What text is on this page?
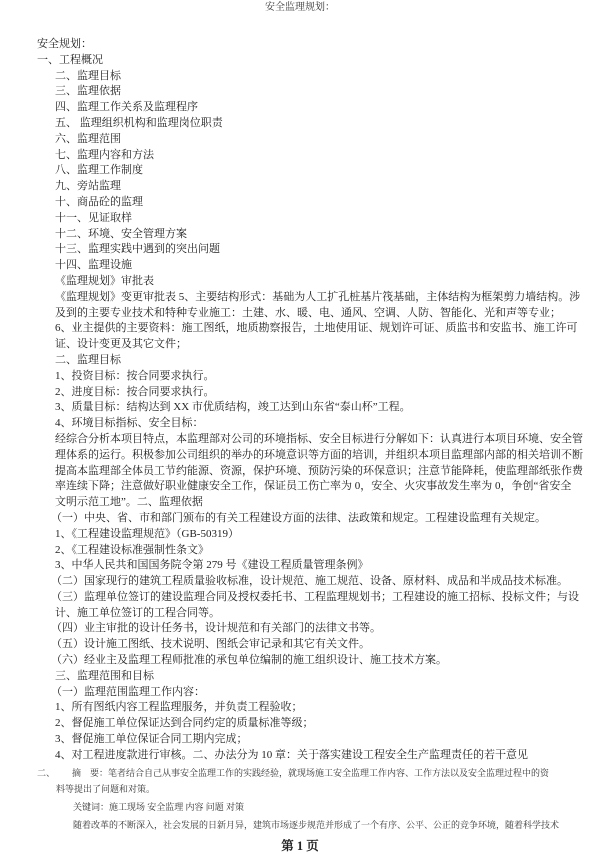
安全监理规划：
安全规划：
一、工程概况
二、监理目标
三、监理依据
四、监理工作关系及监理程序
五、 监理组织机构和监理岗位职责
六、监理范围
七、监理内容和方法
八、监理工作制度
九、旁站监理
十、商品砼的监理
十一、见证取样
十二、环境、安全管理方案
十三、监理实践中遇到的突出问题
十四、监理设施
《监理规划》审批表
《监理规划》变更审批表 5、主要结构形式：基础为人工扩孔桩基片筏基础，主体结构为框架剪力墙结构。涉
及到的主要专业技术和特种专业施工：土建、水、暖、电、通风、空调、人防、智能化、光和声等专业；
6、业主提供的主要资料：施工图纸，地质勘察报告，土地使用证、规划许可证、质监书和安监书、施工许可
证、设计变更及其它文件；
二、监理目标
1、投资目标：按合同要求执行。
2、进度目标：按合同要求执行。
3、质量目标：结构达到 XX 市优质结构，竣工达到山东省“泰山杯”工程。
4、环境目标指标、安全目标：
经综合分析本项目特点，本监理部对公司的环境指标、安全目标进行分解如下：认真进行本项目环境、安全管
理体系的运行。积极参加公司组织的举办的环境意识等方面的培训，并组织本项目监理部内部的相关培训不断
提高本监理部全体员工节约能源、资源，保护环境、预防污染的环保意识；注意节能降耗，使监理部纸张作费
率连续下降；注意做好职业健康安全工作，保证员工伤亡率为 0，安全、火灾事故发生率为 0，争创“省安全
文明示范工地”。二、监理依据
（一）中央、省、市和部门颁布的有关工程建设方面的法律、法政策和规定。工程建设监理有关规定。
1、《工程建设监理规范》（GB-50319）
2、《工程建设标准强制性条文》
3、中华人民共和国国务院令第 279 号《建设工程质量管理条例》
（二）国家现行的建筑工程质量验收标准，设计规范、施工规范、设备、原材料、成品和半成品技术标准。
（三）监理单位签订的建设监理合同及授权委托书、工程监理规划书；工程建设的施工招标、投标文件；与设
计、施工单位签订的工程合同等。
（四）业主审批的设计任务书，设计规范和有关部门的法律文书等。
（五）设计施工图纸、技术说明、图纸会审记录和其它有关文件。
（六）经业主及监理工程师批准的承包单位编制的施工组织设计、施工技术方案。
三、监理范围和目标
（一）监理范围监理工作内容：
1、所有图纸内容工程监理服务，并负责工程验收；
2、督促施工单位保证达到合同约定的质量标准等级；
3、督促施工单位保证合同工期内完成；
4、对工程进度款进行审核。二、办法分为 10 章：关于落实建设工程安全生产监理责任的若干意见
二、 摘　要：笔者结合自己从事安全监理工作的实践经验，就现场施工安全监理工作内容、工作方法以及安全监理过程中的资
料等提出了问题和对策。
关键词：施工现场 安全监理 内容 问题 对策
随着改革的不断深入，社会发展的日新月异，建筑市场逐步规范并形成了一个有序、公平、公正的竞争环境，随着科学技术
第 1 页
